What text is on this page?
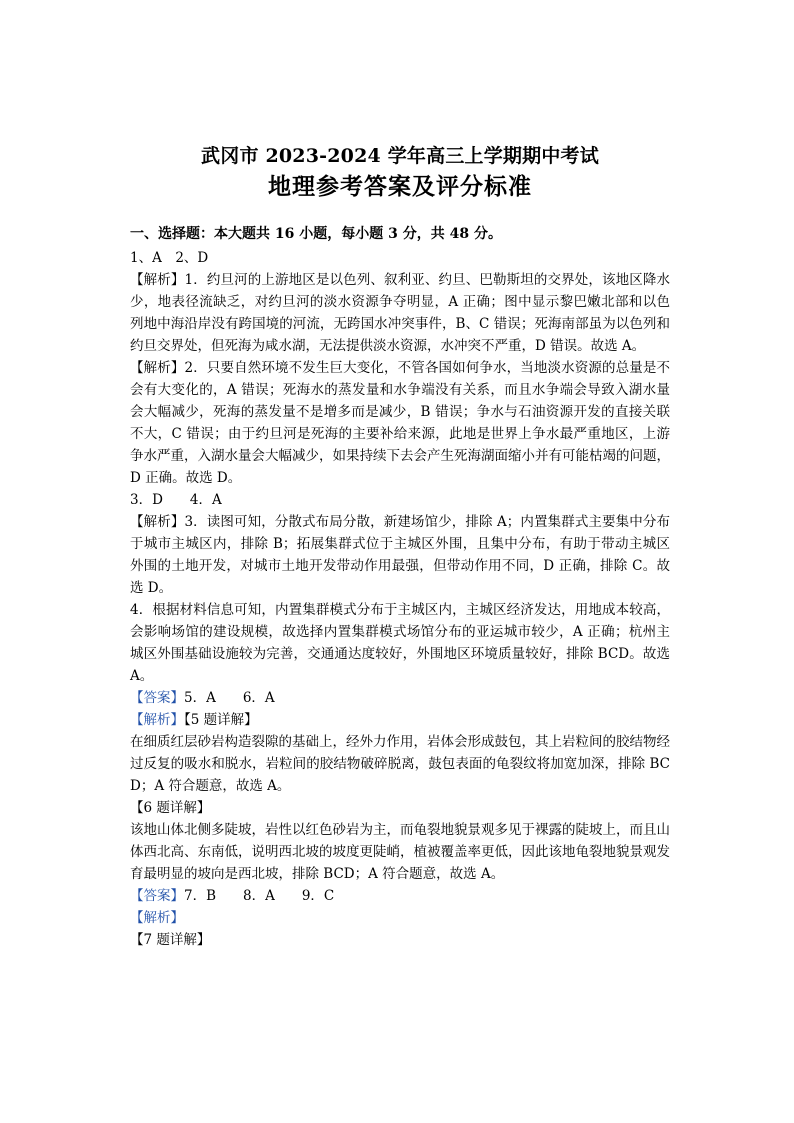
武冈市 2023-2024 学年高三上学期期中考试
地理参考答案及评分标准
一、选择题：本大题共 16 小题，每小题 3 分，共 48 分。

1、A　2、D

【解析】1．约旦河的上游地区是以色列、叙利亚、约旦、巴勒斯坦的交界处，该地区降水少，地表径流缺乏，对约旦河的淡水资源争夺明显，A 正确；图中显示黎巴嫩北部和以色列地中海沿岸没有跨国境的河流，无跨国水冲突事件，B、C 错误；死海南部虽为以色列和约旦交界处，但死海为咸水湖，无法提供淡水资源，水冲突不严重，D 错误。故选 A。

【解析】2．只要自然环境不发生巨大变化，不管各国如何争水，当地淡水资源的总量是不会有大变化的，A 错误；死海水的蒸发量和水争端没有关系，而且水争端会导致入湖水量会大幅减少，死海的蒸发量不是增多而是减少，B 错误；争水与石油资源开发的直接关联不大，C 错误；由于约旦河是死海的主要补给来源，此地是世界上争水最严重地区，上游争水严重，入湖水量会大幅减少，如果持续下去会产生死海湖面缩小并有可能枯竭的问题，D 正确。故选 D。

3．D　　4．A

【解析】3．读图可知，分散式布局分散，新建场馆少，排除 A；内置集群式主要集中分布于城市主城区内，排除 B；拓展集群式位于主城区外围，且集中分布，有助于带动主城区外围的土地开发，对城市土地开发带动作用最强，但带动作用不同，D 正确，排除 C。故选 D。

4．根据材料信息可知，内置集群模式分布于主城区内，主城区经济发达，用地成本较高，会影响场馆的建设规模，故选择内置集群模式场馆分布的亚运城市较少，A 正确；杭州主城区外围基础设施较为完善，交通通达度较好，外围地区环境质量较好，排除 BCD。故选 A。

【答案】5．A　　6．A

【解析】【5 题详解】

在细质红层砂岩构造裂隙的基础上，经外力作用，岩体会形成鼓包，其上岩粒间的胶结物经过反复的吸水和脱水，岩粒间的胶结物破碎脱离，鼓包表面的龟裂纹将加宽加深，排除 BCD；A 符合题意，故选 A。

【6 题详解】

该地山体北侧多陡坡，岩性以红色砂岩为主，而龟裂地貌景观多见于裸露的陡坡上，而且山体西北高、东南低，说明西北坡的坡度更陡峭，植被覆盖率更低，因此该地龟裂地貌景观发育最明显的坡向是西北坡，排除 BCD；A 符合题意，故选 A。

【答案】7．B　　8．A　　9．C

【解析】

【7 题详解】
